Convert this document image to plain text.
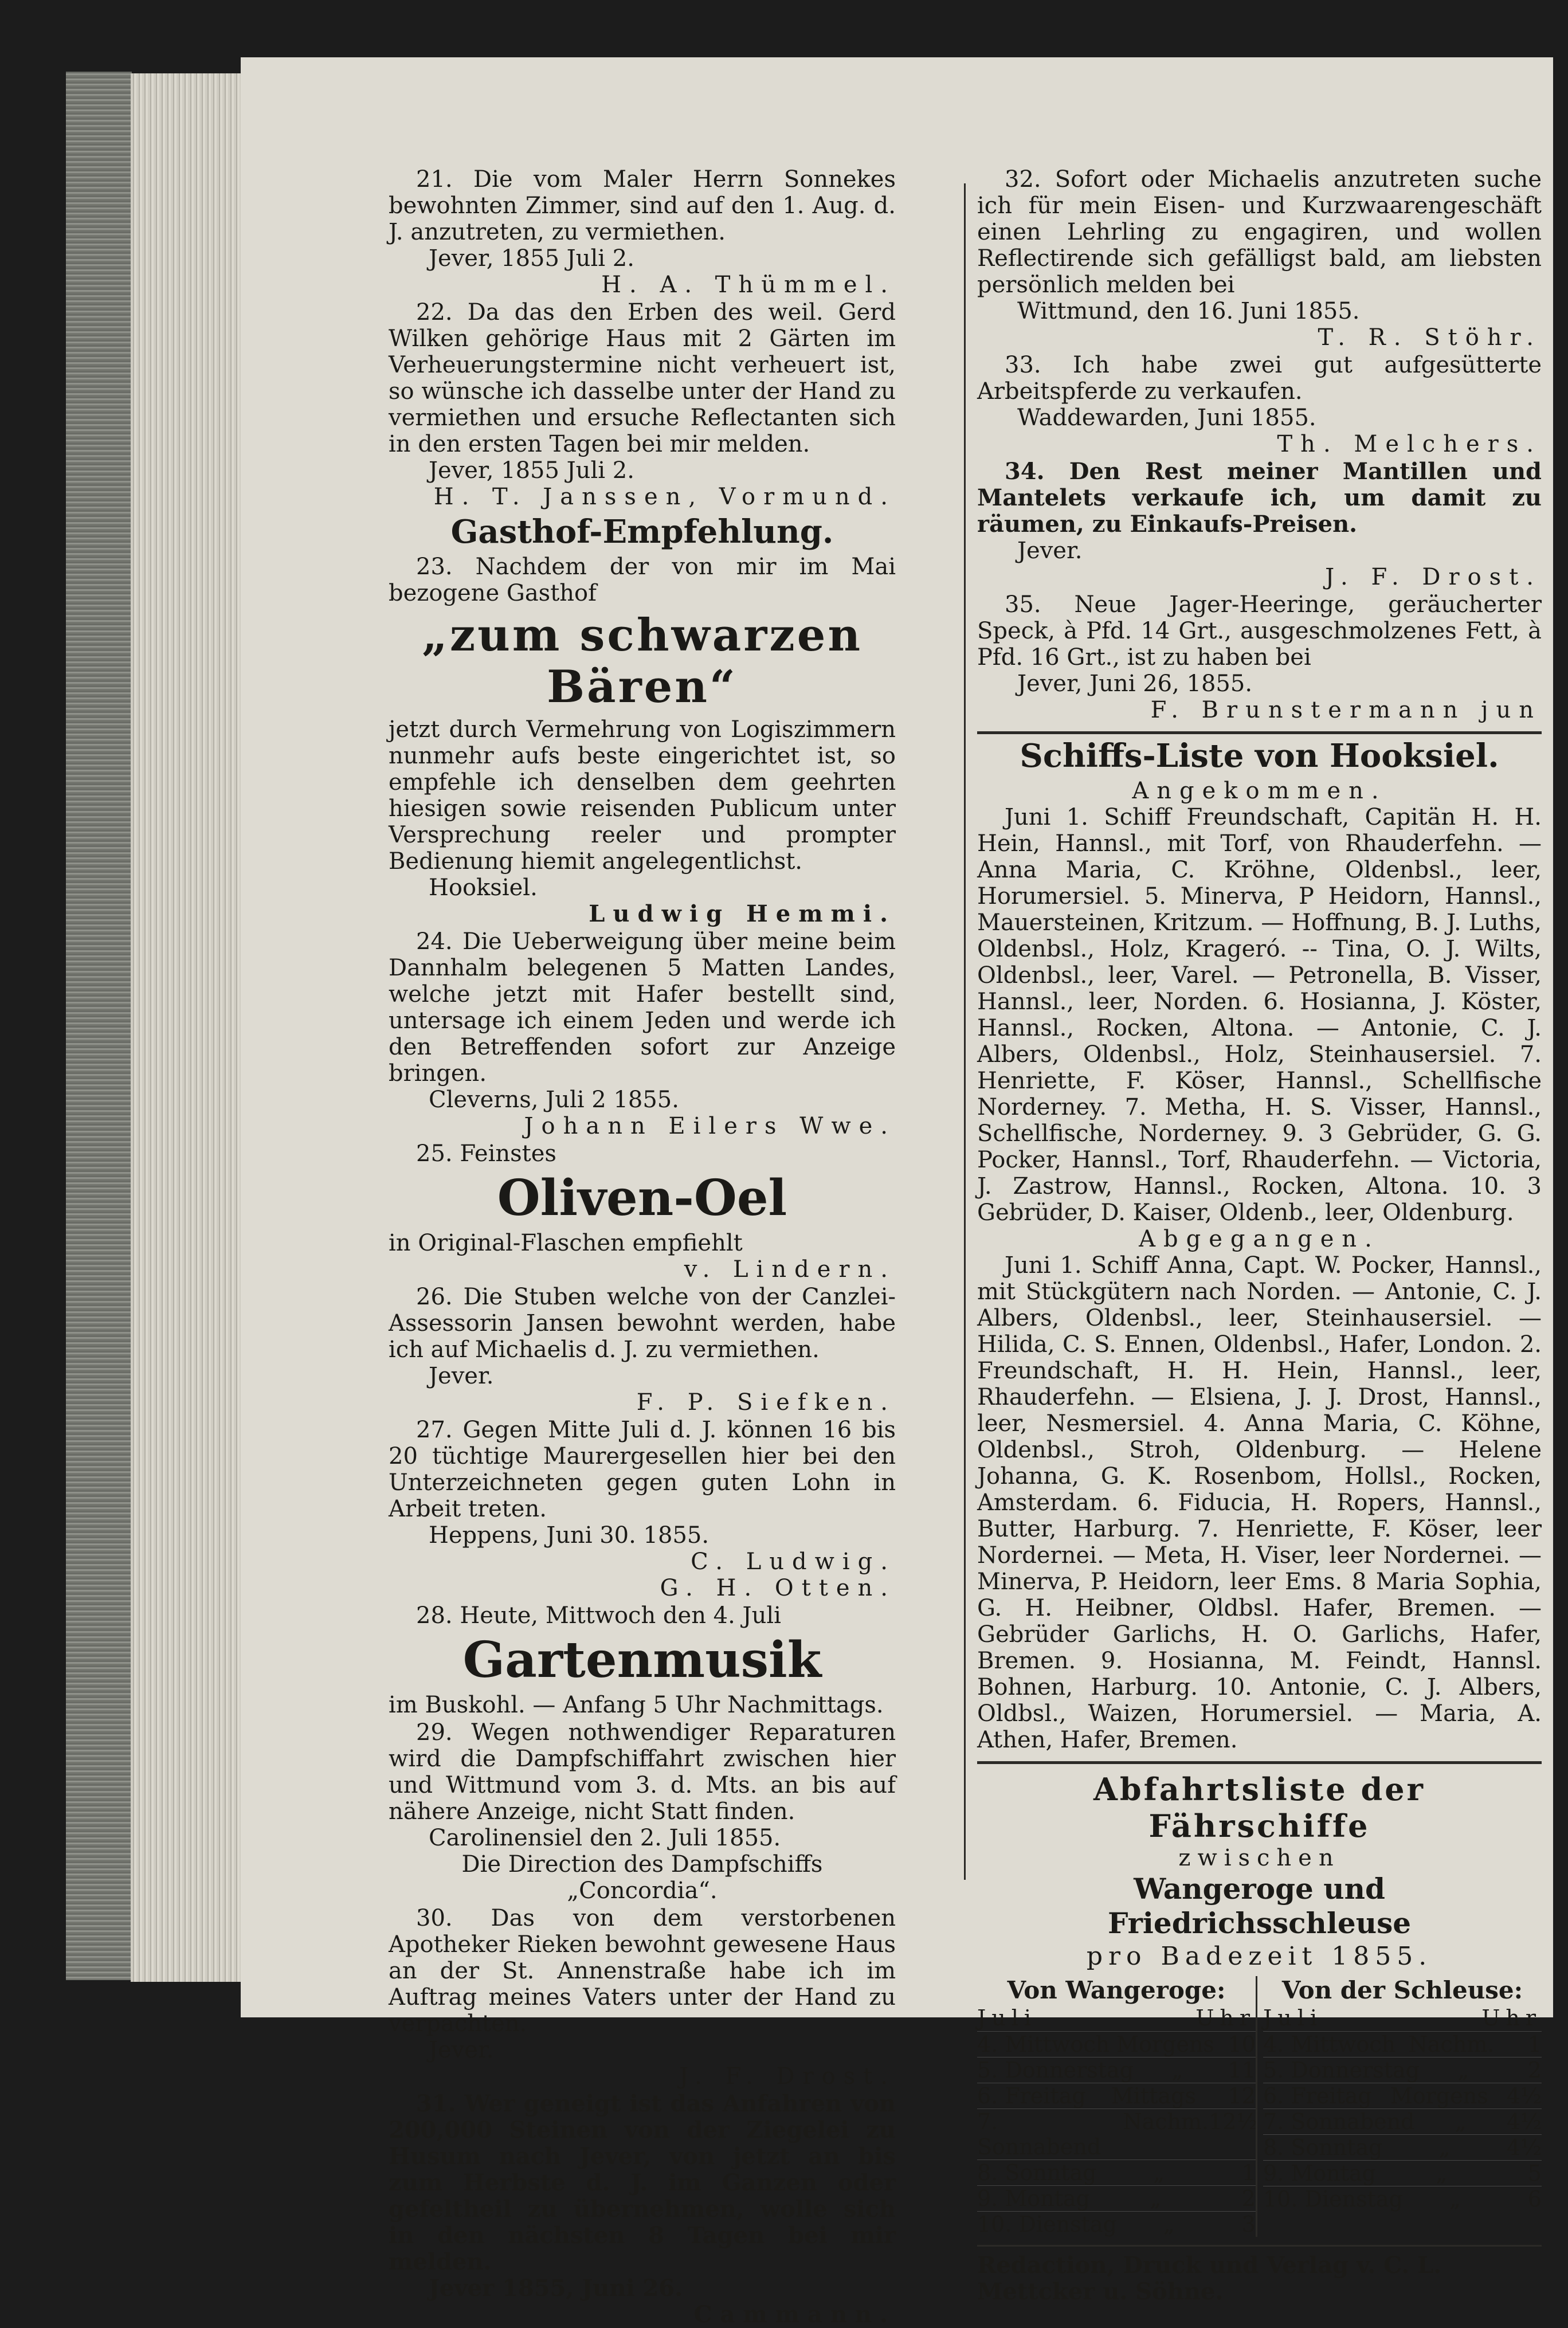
21. Die vom Maler Herrn Sonnekes bewohnten Zimmer, sind auf den 1. Aug. d. J. anzutreten, zu vermiethen.

Jever, 1855 Juli 2.

H. A. Thümmel.

22. Da das den Erben des weil. Gerd Wilken gehörige Haus mit 2 Gärten im Verheuerungstermine nicht verheuert ist, so wünsche ich dasselbe unter der Hand zu vermiethen und ersuche Reflectanten sich in den ersten Tagen bei mir melden.

Jever, 1855 Juli 2.

H. T. Janssen, Vormund.

Gasthof-Empfehlung.

23. Nachdem der von mir im Mai bezogene Gasthof

„zum schwarzen Bären“

jetzt durch Vermehrung von Logiszimmern nunmehr aufs beste eingerichtet ist, so empfehle ich denselben dem geehrten hiesigen sowie reisenden Publicum unter Versprechung reeler und prompter Bedienung hiemit angelegentlichst.

Hooksiel.

Ludwig Hemmi.

24. Die Ueberweigung über meine beim Dannhalm belegenen 5 Matten Landes, welche jetzt mit Hafer bestellt sind, untersage ich einem Jeden und werde ich den Betreffenden sofort zur Anzeige bringen.

Cleverns, Juli 2 1855.

Johann Eilers Wwe.

25. Feinstes

Oliven-Oel

in Original-Flaschen empfiehlt

v. Lindern.

26. Die Stuben welche von der Canzlei-Assessorin Jansen bewohnt werden, habe ich auf Michaelis d. J. zu vermiethen.

Jever.

F. P. Siefken.

27. Gegen Mitte Juli d. J. können 16 bis 20 tüchtige Maurergesellen hier bei den Unterzeichneten gegen guten Lohn in Arbeit treten.

Heppens, Juni 30. 1855.

C. Ludwig.

G. H. Otten.

28. Heute, Mittwoch den 4. Juli

Gartenmusik

im Buskohl. — Anfang 5 Uhr Nachmittags.

29. Wegen nothwendiger Reparaturen wird die Dampfschiffahrt zwischen hier und Wittmund vom 3. d. Mts. an bis auf nähere Anzeige, nicht Statt finden.

Carolinensiel den 2. Juli 1855.

Die Direction des Dampfschiffs

„Concordia“.

30. Das von dem verstorbenen Apotheker Rieken bewohnt gewesene Haus an der St. Annenstraße habe ich im Auftrag meines Vaters unter der Hand zu verpachten.

Jever.

J. F. Drost.

31. Wer geneigt ist das Anfahren von 200,000 Steinen von der Ziegelei zu Husum nach Jever, von jetzt an bis zum Herbste d. J. im Ganzen oder gefeltheil zu übernehmen, wolle sich in den nächsten 8 Tagen bei mir melden.

Jever 1855, Juni 26.

Cammann.

32. Sofort oder Michaelis anzutreten suche ich für mein Eisen- und Kurzwaarengeschäft einen Lehrling zu engagiren, und wollen Reflectirende sich gefälligst bald, am liebsten persönlich melden bei

Wittmund, den 16. Juni 1855.

T. R. Stöhr.

33. Ich habe zwei gut aufgesütterte Arbeitspferde zu verkaufen.

Waddewarden, Juni 1855.

Th. Melchers.

34. Den Rest meiner Mantillen und Mantelets verkaufe ich, um damit zu räumen, zu Einkaufs-Preisen.

Jever.

J. F. Drost.

35. Neue Jager-Heeringe, geräucherter Speck, à Pfd. 14 Grt., ausgeschmolzenes Fett, à Pfd. 16 Grt., ist zu haben bei

Jever, Juni 26, 1855.

F. Brunstermann jun

Schiffs-Liste von Hooksiel.

Angekommen.

Juni 1. Schiff Freundschaft, Capitän H. H. Hein, Hannsl., mit Torf, von Rhauderfehn. — Anna Maria, C. Kröhne, Oldenbsl., leer, Horumersiel. 5. Minerva, P Heidorn, Hannsl., Mauersteinen, Kritzum. — Hoffnung, B. J. Luths, Oldenbsl., Holz, Krageró. -- Tina, O. J. Wilts, Oldenbsl., leer, Varel. — Petronella, B. Visser, Hannsl., leer, Norden. 6. Hosianna, J. Köster, Hannsl., Rocken, Altona. — Antonie, C. J. Albers, Oldenbsl., Holz, Steinhausersiel. 7. Henriette, F. Köser, Hannsl., Schellfische Norderney. 7. Metha, H. S. Visser, Hannsl., Schellfische, Norderney. 9. 3 Gebrüder, G. G. Pocker, Hannsl., Torf, Rhauderfehn. — Victoria, J. Zastrow, Hannsl., Rocken, Altona. 10. 3 Gebrüder, D. Kaiser, Oldenb., leer, Oldenburg.

Abgegangen.

Juni 1. Schiff Anna, Capt. W. Pocker, Hannsl., mit Stückgütern nach Norden. — Antonie, C. J. Albers, Oldenbsl., leer, Steinhausersiel. — Hilida, C. S. Ennen, Oldenbsl., Hafer, London. 2. Freundschaft, H. H. Hein, Hannsl., leer, Rhauderfehn. — Elsiena, J. J. Drost, Hannsl., leer, Nesmersiel. 4. Anna Maria, C. Köhne, Oldenbsl., Stroh, Oldenburg. — Helene Johanna, G. K. Rosenbom, Hollsl., Rocken, Amsterdam. 6. Fiducia, H. Ropers, Hannsl., Butter, Harburg. 7. Henriette, F. Köser, leer Nordernei. — Meta, H. Viser, leer Nordernei. — Minerva, P. Heidorn, leer Ems. 8 Maria Sophia, G. H. Heibner, Oldbsl. Hafer, Bremen. — Gebrüder Garlichs, H. O. Garlichs, Hafer, Bremen. 9. Hosianna, M. Feindt, Hannsl. Bohnen, Harburg. 10. Antonie, C. J. Albers, Oldbsl., Waizen, Horumersiel. — Maria, A. Athen, Hafer, Bremen.

Abfahrtsliste der Fährschiffe
zwischen
Wangeroge und Friedrichsschleuse
pro Badezeit 1855.
Von Wangeroge:
Juli	Uhr
4. Mittwoch Morgens 10
5. Donnerstag „	11
6. Freitag Mittags	12
7. Sonnabend
Nachm. 12½
8. Sonntag	„	1
9. Montag	„	2
10. Dienstag „	3
Von der Schleuse:
Juli	Uhr
4. Mittwoch Nachm.	1
5. Donnerstag „	2
6. Freitag Morgens 4½
7. Sonnabend „ 4½
8. Sonntag	„	4½
9. Montag	„	5
10. Dienstag „	6
Redaction, Druck und Verlag v. C. L. Mettcker u. Söhne.
